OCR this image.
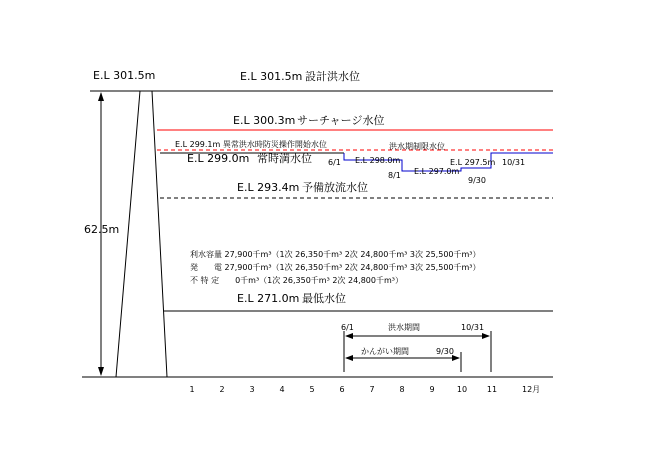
E.L 301.5m	E.L 301.5m 設計洪水位
62.5m
E.L 300.3m サーチャージ水位
E.L 299.1m 異常洪水時防災操作開始水位	洪水期制限水位
E.L 299.0m 常時満水位 6/1 E.L 298.0m
8/1 E.L 297.0m
9/30
E.L 297.5m 10/31
E.L 293.4m 予備放流水位
利水容量 27,900千m³（1次 26,350千m³ 2次 24,800千m³ 3次 25,500千m³）
発　　電 27,900千m³（1次 26,350千m³ 2次 24,800千m³ 3次 25,500千m³）
不 特 定　　0千m³（1次 26,350千m³ 2次 24,800千m³）
E.L 271.0m 最低水位
6/1	洪水期間	10/31
かんがい期間	9/30
1	2	3	4	5	6	7	8	9	10 11	12月
